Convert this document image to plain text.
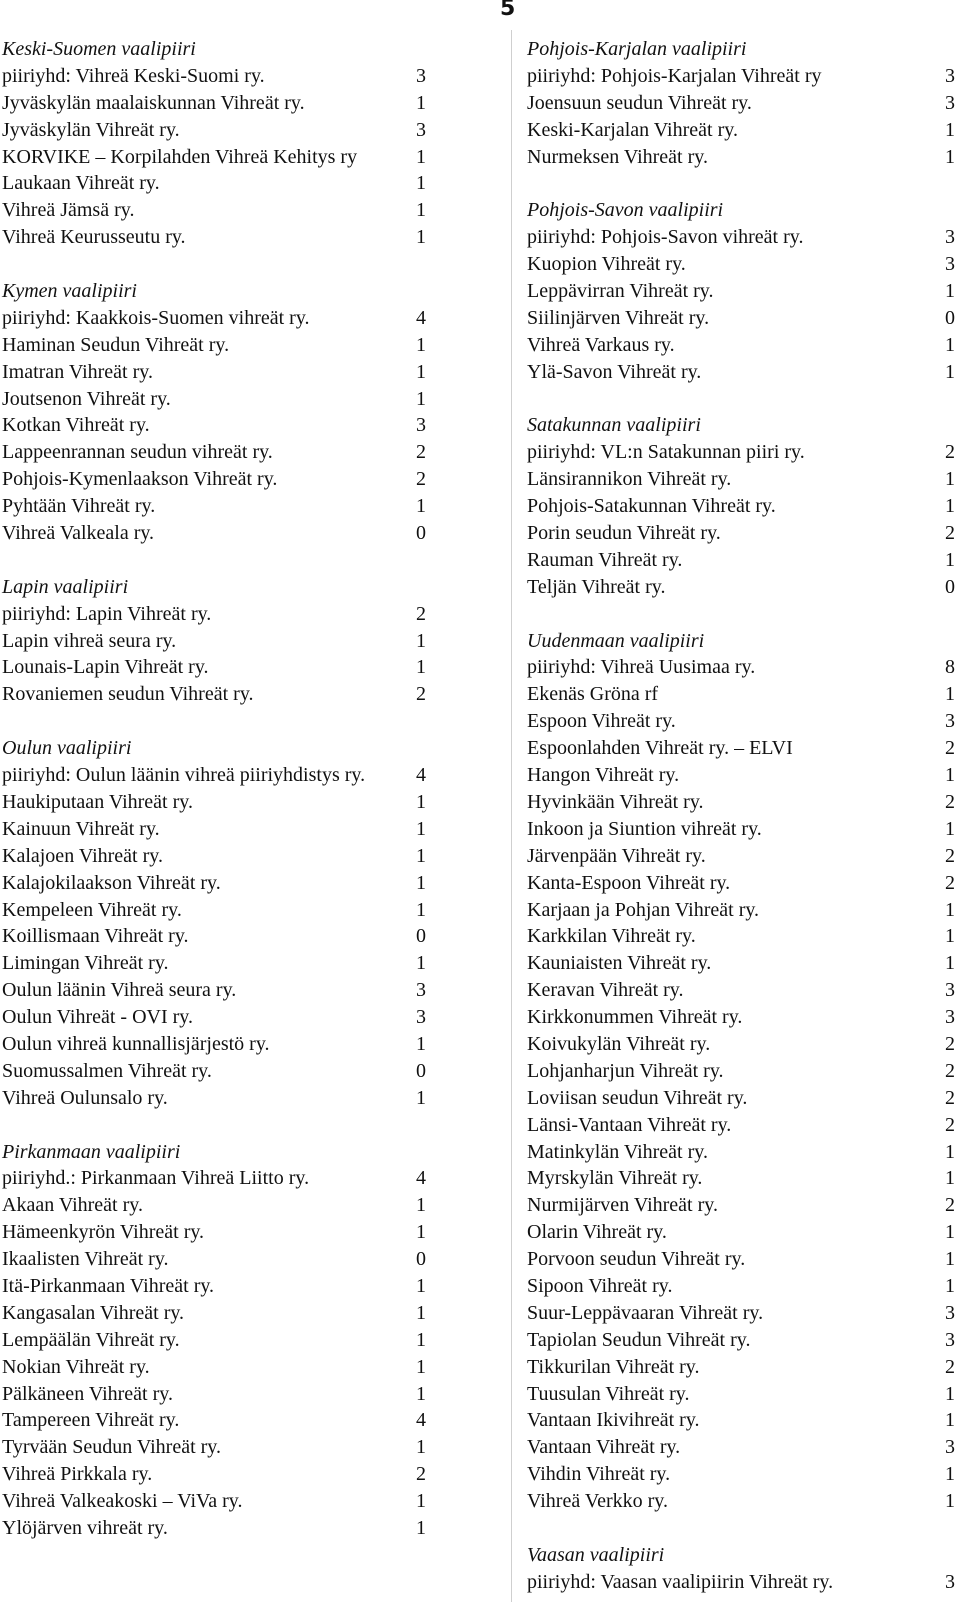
5
Keski-Suomen vaalipiiri
piiriyhd: Vihreä Keski-Suomi ry.	3
Jyväskylän maalaiskunnan Vihreät ry.	1
Jyväskylän Vihreät ry.	3
KORVIKE – Korpilahden Vihreä Kehitys ry	1
Laukaan Vihreät ry.	1
Vihreä Jämsä ry.	1
Vihreä Keurusseutu ry.	1
Kymen vaalipiiri
piiriyhd: Kaakkois-Suomen vihreät ry.	4
Haminan Seudun Vihreät ry.	1
Imatran Vihreät ry.	1
Joutsenon Vihreät ry.	1
Kotkan Vihreät ry.	3
Lappeenrannan seudun vihreät ry.	2
Pohjois-Kymenlaakson Vihreät ry.	2
Pyhtään Vihreät ry.	1
Vihreä Valkeala ry.	0
Lapin vaalipiiri
piiriyhd: Lapin Vihreät ry.	2
Lapin vihreä seura ry.	1
Lounais-Lapin Vihreät ry.	1
Rovaniemen seudun Vihreät ry.	2
Oulun vaalipiiri
piiriyhd: Oulun läänin vihreä piiriyhdistys ry.	4
Haukiputaan Vihreät ry.	1
Kainuun Vihreät ry.	1
Kalajoen Vihreät ry.	1
Kalajokilaakson Vihreät ry.	1
Kempeleen Vihreät ry.	1
Koillismaan Vihreät ry.	0
Limingan Vihreät ry.	1
Oulun läänin Vihreä seura ry.	3
Oulun Vihreät - OVI ry.	3
Oulun vihreä kunnallisjärjestö ry.	1
Suomussalmen Vihreät ry.	0
Vihreä Oulunsalo ry.	1
Pirkanmaan vaalipiiri
piiriyhd.: Pirkanmaan Vihreä Liitto ry.	4
Akaan Vihreät ry.	1
Hämeenkyrön Vihreät ry.	1
Ikaalisten Vihreät ry.	0
Itä-Pirkanmaan Vihreät ry.	1
Kangasalan Vihreät ry.	1
Lempäälän Vihreät ry.	1
Nokian Vihreät ry.	1
Pälkäneen Vihreät ry.	1
Tampereen Vihreät ry.	4
Tyrvään Seudun Vihreät ry.	1
Vihreä Pirkkala ry.	2
Vihreä Valkeakoski – ViVa ry.	1
Ylöjärven vihreät ry.	1
Pohjois-Karjalan vaalipiiri
piiriyhd: Pohjois-Karjalan Vihreät ry	3
Joensuun seudun Vihreät ry.	3
Keski-Karjalan Vihreät ry.	1
Nurmeksen Vihreät ry.	1
Pohjois-Savon vaalipiiri
piiriyhd: Pohjois-Savon vihreät ry.	3
Kuopion Vihreät ry.	3
Leppävirran Vihreät ry.	1
Siilinjärven Vihreät ry.	0
Vihreä Varkaus ry.	1
Ylä-Savon Vihreät ry.	1
Satakunnan vaalipiiri
piiriyhd: VL:n Satakunnan piiri ry.	2
Länsirannikon Vihreät ry.	1
Pohjois-Satakunnan Vihreät ry.	1
Porin seudun Vihreät ry.	2
Rauman Vihreät ry.	1
Teljän Vihreät ry.	0
Uudenmaan vaalipiiri
piiriyhd: Vihreä Uusimaa ry.	8
Ekenäs Gröna rf	1
Espoon Vihreät ry.	3
Espoonlahden Vihreät ry. – ELVI	2
Hangon Vihreät ry.	1
Hyvinkään Vihreät ry.	2
Inkoon ja Siuntion vihreät ry.	1
Järvenpään Vihreät ry.	2
Kanta-Espoon Vihreät ry.	2
Karjaan ja Pohjan Vihreät ry.	1
Karkkilan Vihreät ry.	1
Kauniaisten Vihreät ry.	1
Keravan Vihreät ry.	3
Kirkkonummen Vihreät ry.	3
Koivukylän Vihreät ry.	2
Lohjanharjun Vihreät ry.	2
Loviisan seudun Vihreät ry.	2
Länsi-Vantaan Vihreät ry.	2
Matinkylän Vihreät ry.	1
Myrskylän Vihreät ry.	1
Nurmijärven Vihreät ry.	2
Olarin Vihreät ry.	1
Porvoon seudun Vihreät ry.	1
Sipoon Vihreät ry.	1
Suur-Leppävaaran Vihreät ry.	3
Tapiolan Seudun Vihreät ry.	3
Tikkurilan Vihreät ry.	2
Tuusulan Vihreät ry.	1
Vantaan Ikivihreät ry.	1
Vantaan Vihreät ry.	3
Vihdin Vihreät ry.	1
Vihreä Verkko ry.	1
Vaasan vaalipiiri
piiriyhd: Vaasan vaalipiirin Vihreät ry.	3
